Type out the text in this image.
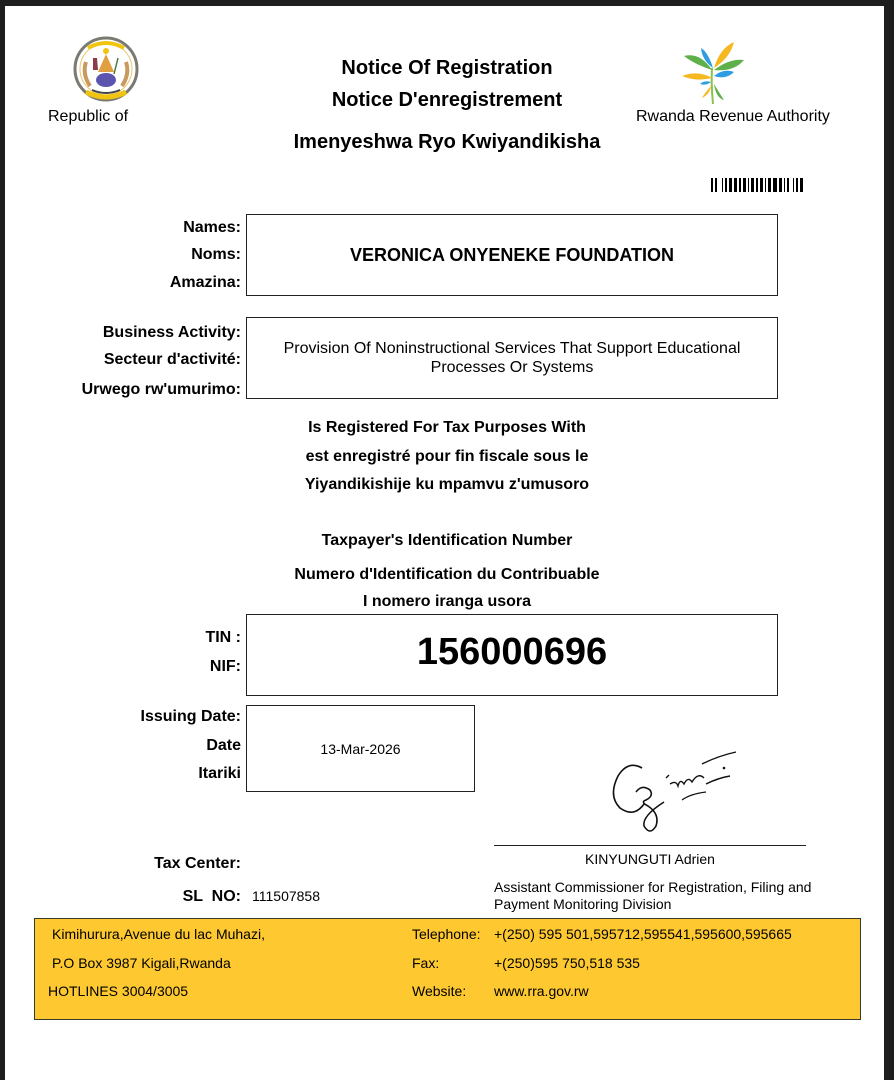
Republic of	Rwanda Revenue Authority
Notice Of Registration
Notice D'enregistrement
Imenyeshwa Ryo Kwiyandikisha
Names:
Noms:
Amazina:
VERONICA ONYENEKE FOUNDATION
Business Activity:
Secteur d'activité:
Urwego rw'umurimo:
Provision Of Noninstructional Services That Support Educational Processes Or Systems
Is Registered For Tax Purposes With
est enregistré pour fin fiscale sous le
Yiyandikishije ku mpamvu z'umusoro
Taxpayer's Identification Number
Numero d'Identification du Contribuable
I nomero iranga usora
TIN :
NIF:	156000696
Issuing Date:
Date
Itariki
13-Mar-2026
KINYUNGUTI Adrien
Assistant Commissioner for Registration, Filing and Payment Monitoring Division
Tax Center:
SL  NO: 111507858
Kimihurura,Avenue du lac Muhazi,
P.O Box 3987 Kigali,Rwanda
HOTLINES 3004/3005
Telephone: +(250) 595 501,595712,595541,595600,595665
Fax:	+(250)595 750,518 535
Website: www.rra.gov.rw
